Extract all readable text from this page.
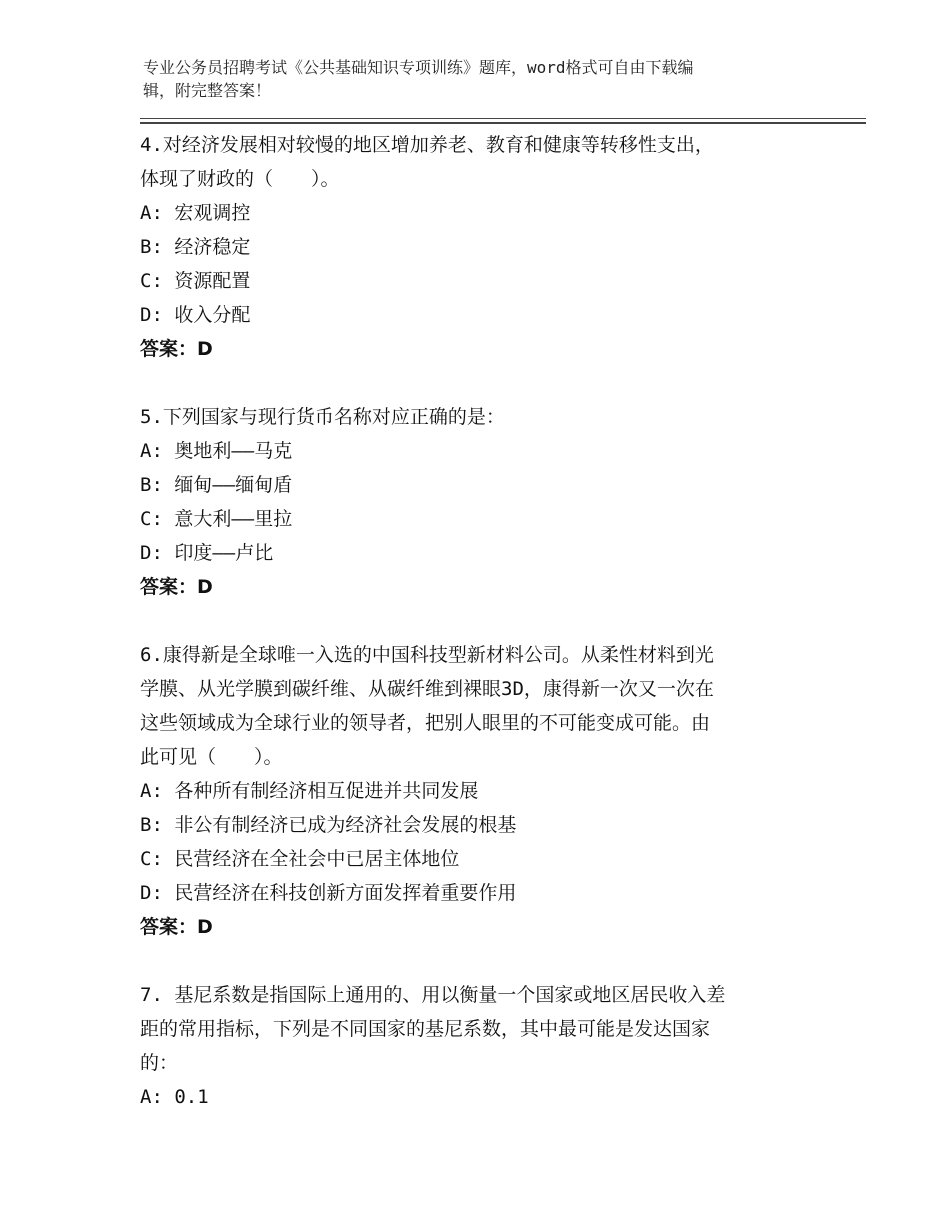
专业公务员招聘考试《公共基础知识专项训练》题库，word格式可自由下载编
辑，附完整答案！
4.对经济发展相对较慢的地区增加养老、教育和健康等转移性支出，
体现了财政的（　　）。
A: 宏观调控
B: 经济稳定
C: 资源配置
D: 收入分配
答案：D
5.下列国家与现行货币名称对应正确的是：
A: 奥地利——马克
B: 缅甸——缅甸盾
C: 意大利——里拉
D: 印度——卢比
答案：D
6.康得新是全球唯一入选的中国科技型新材料公司。从柔性材料到光
学膜、从光学膜到碳纤维、从碳纤维到裸眼3D，康得新一次又一次在
这些领域成为全球行业的领导者，把别人眼里的不可能变成可能。由
此可见（　　）。
A: 各种所有制经济相互促进并共同发展
B: 非公有制经济已成为经济社会发展的根基
C: 民营经济在全社会中已居主体地位
D: 民营经济在科技创新方面发挥着重要作用
答案：D
7. 基尼系数是指国际上通用的、用以衡量一个国家或地区居民收入差
距的常用指标，下列是不同国家的基尼系数，其中最可能是发达国家
的：
A: 0.1
